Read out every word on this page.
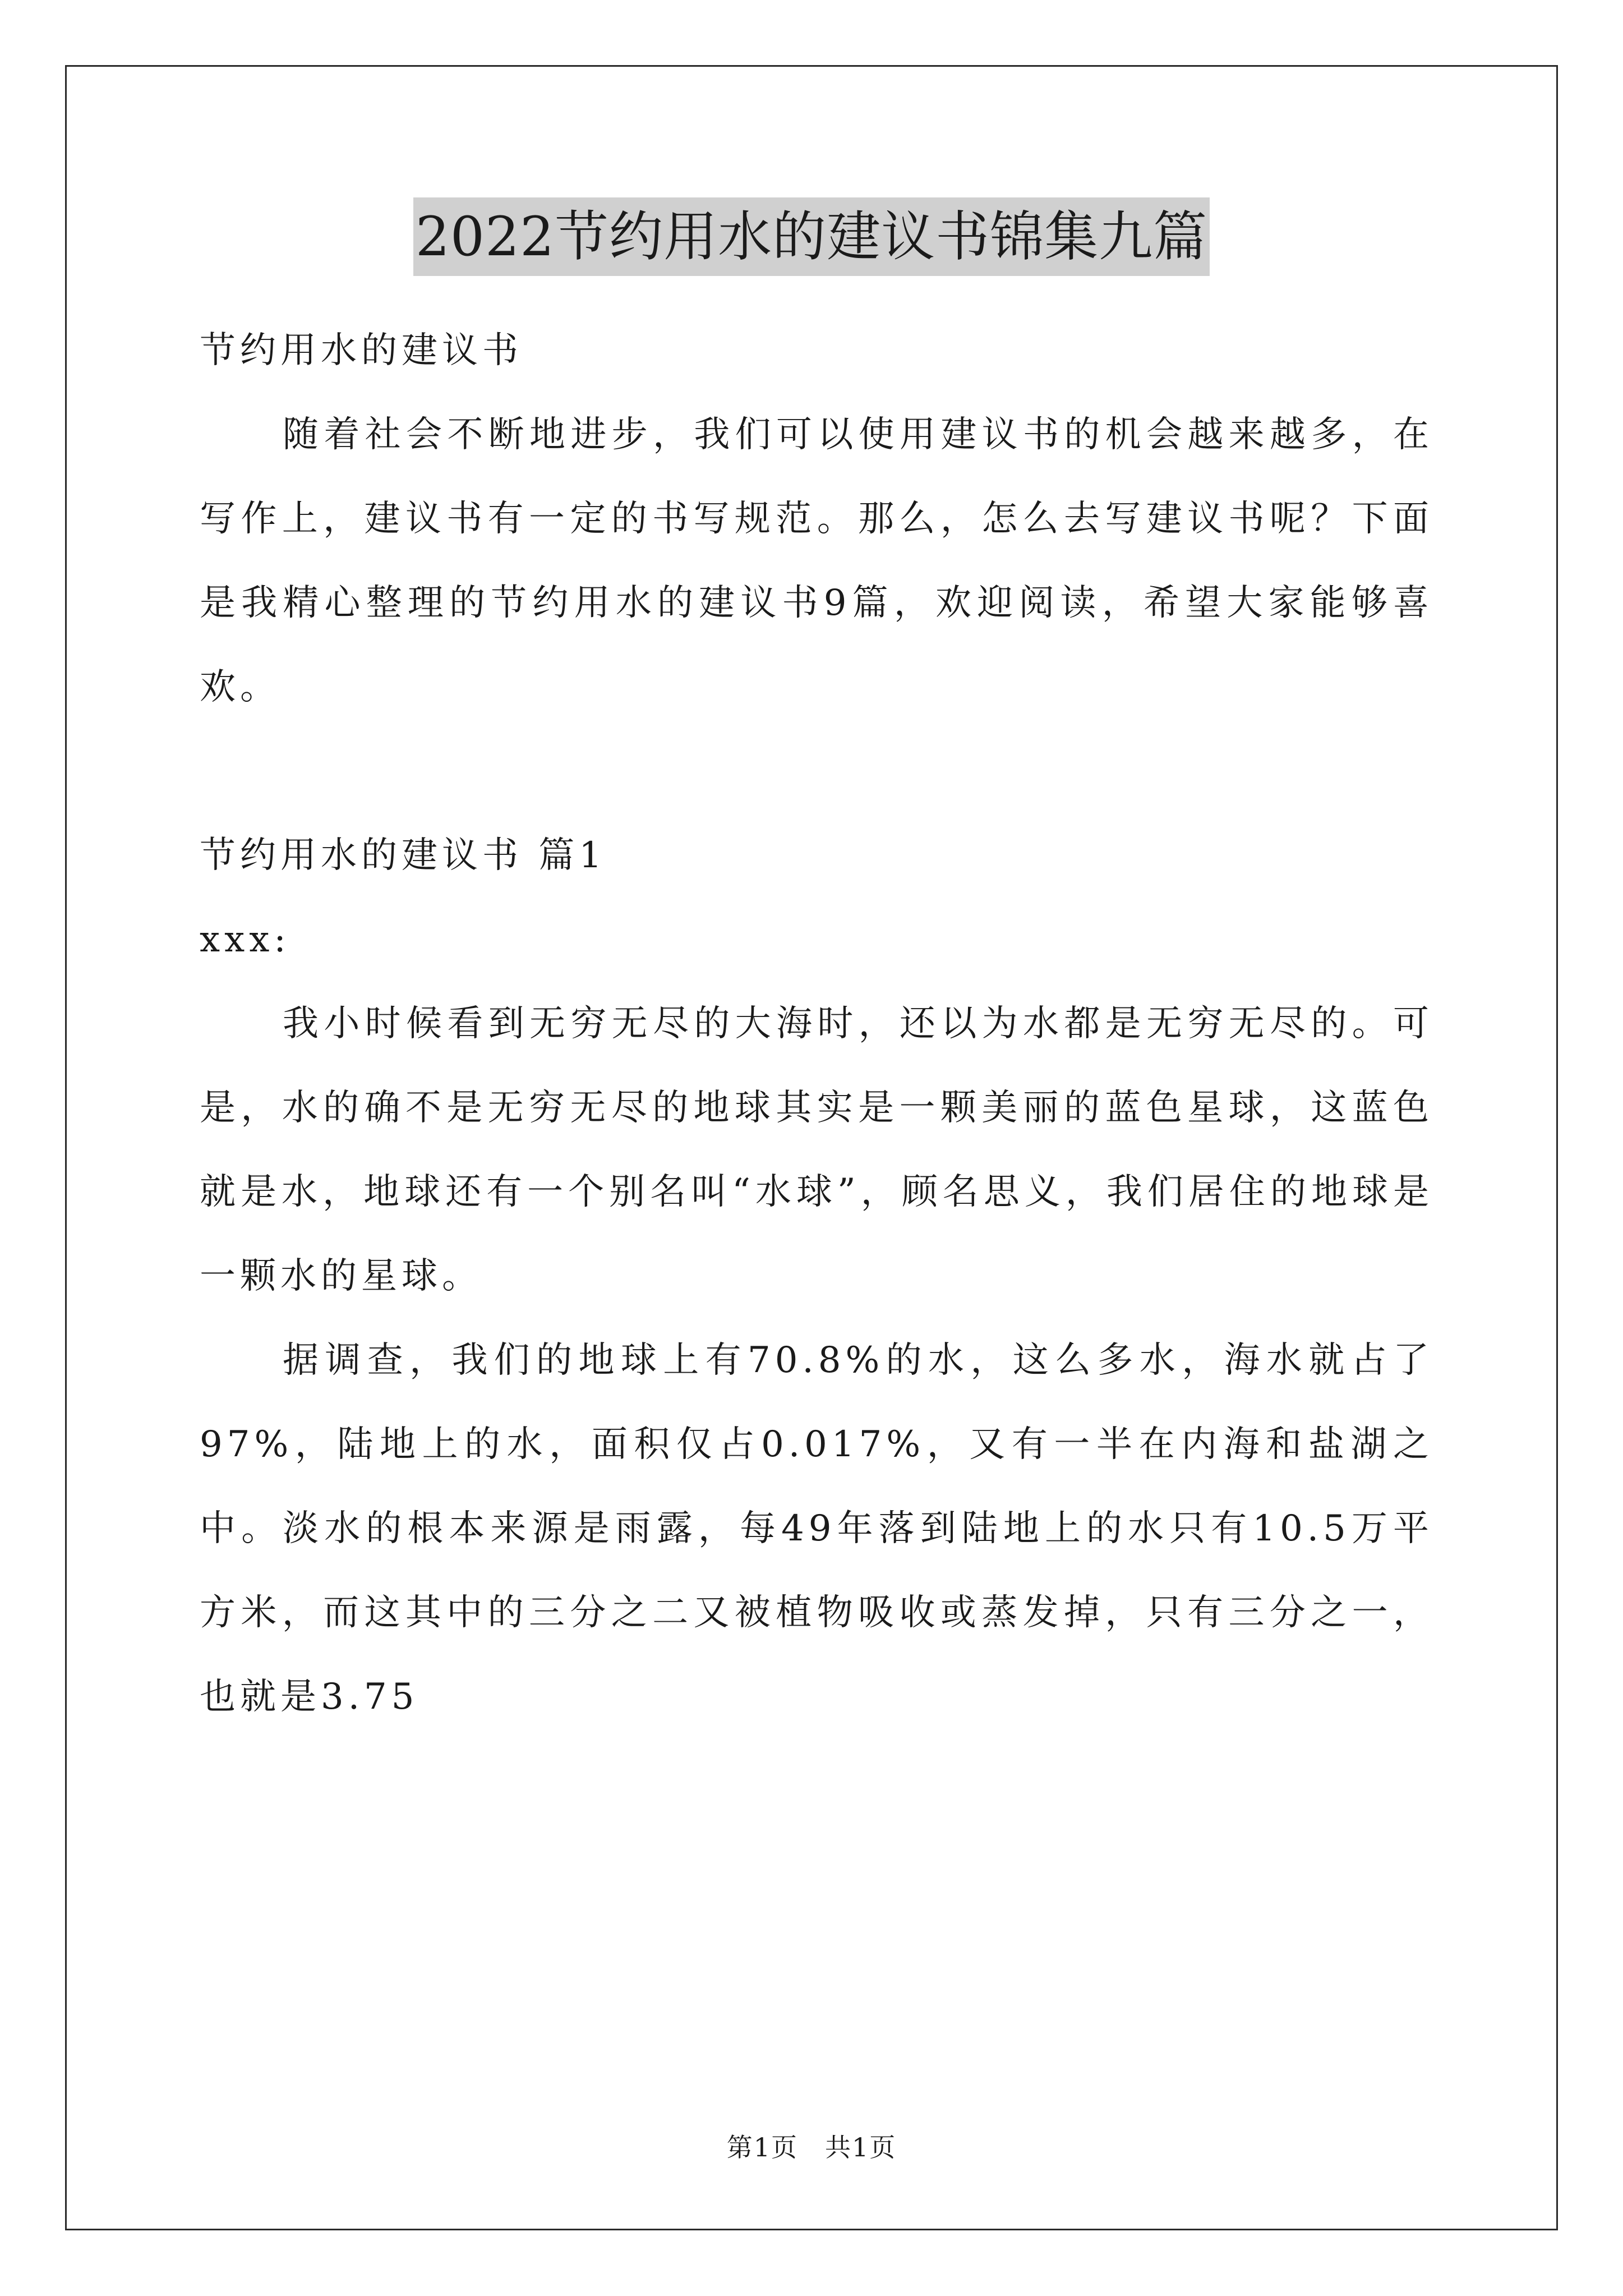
2022节约用水的建议书锦集九篇

节约用水的建议书

随着社会不断地进步，我们可以使用建议书的机会越来越多，在写作上，建议书有一定的书写规范。那么，怎么去写建议书呢？下面是我精心整理的节约用水的建议书9篇，欢迎阅读，希望大家能够喜欢。

节约用水的建议书 篇1

xxx:

我小时候看到无穷无尽的大海时，还以为水都是无穷无尽的。可是，水的确不是无穷无尽的地球其实是一颗美丽的蓝色星球，这蓝色就是水，地球还有一个别名叫“水球”，顾名思义，我们居住的地球是一颗水的星球。

据调查，我们的地球上有70.8%的水，这么多水，海水就占了97%，陆地上的水，面积仅占0.017%，又有一半在内海和盐湖之中。淡水的根本来源是雨露，每49年落到陆地上的水只有10.5万平方米，而这其中的三分之二又被植物吸收或蒸发掉，只有三分之一，也就是3.75

第1页　共1页
